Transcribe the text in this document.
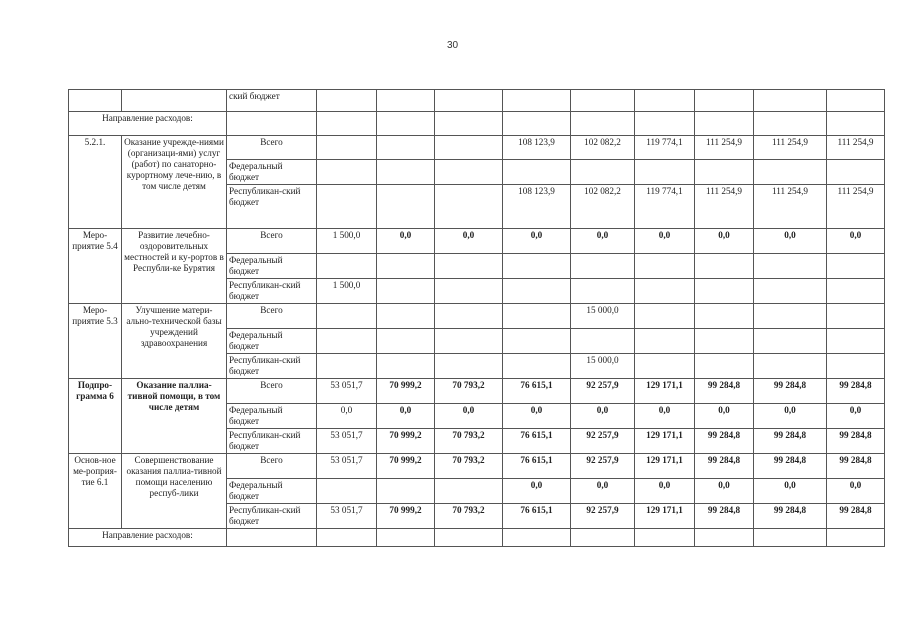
30
		ский бюджет									
Направление расходов:											
5.2.1.	Оказание учрежде-ниями (организаци-ями) услуг (работ) по санаторно-курортному лече-нию, в том числе детям	Всего				108 123,9	102 082,2	119 774,1	111 254,9	111 254,9	111 254,9
		Федеральный бюджет									
		Республикан-ский бюджет				108 123,9	102 082,2	119 774,1	111 254,9	111 254,9	111 254,9
Меро-приятие 5.4	Развитие лечебно-оздоровительных местностей и ку-рортов в Республи-ке Бурятия	Всего	1 500,0	0,0	0,0	0,0	0,0	0,0	0,0	0,0	0,0
		Федеральный бюджет									
		Республикан-ский бюджет	1 500,0								
Меро-приятие 5.3	Улучшение матери-ально-технической базы учреждений здравоохранения	Всего					15 000,0				
		Федеральный бюджет									
		Республикан-ский бюджет					15 000,0				
Подпро-грамма 6	Оказание паллиа-тивной помощи, в том числе детям	Всего	53 051,7	70 999,2	70 793,2	76 615,1	92 257,9	129 171,1	99 284,8	99 284,8	99 284,8
		Федеральный бюджет	0,0	0,0	0,0	0,0	0,0	0,0	0,0	0,0	0,0
		Республикан-ский бюджет	53 051,7	70 999,2	70 793,2	76 615,1	92 257,9	129 171,1	99 284,8	99 284,8	99 284,8
Основ-ное ме-роприя-тие 6.1	Совершенствование оказания паллиа-тивной помощи населению респуб-лики	Всего	53 051,7	70 999,2	70 793,2	76 615,1	92 257,9	129 171,1	99 284,8	99 284,8	99 284,8
		Федеральный бюджет				0,0	0,0	0,0	0,0	0,0	0,0
		Республикан-ский бюджет	53 051,7	70 999,2	70 793,2	76 615,1	92 257,9	129 171,1	99 284,8	99 284,8	99 284,8
Направление расходов:											
